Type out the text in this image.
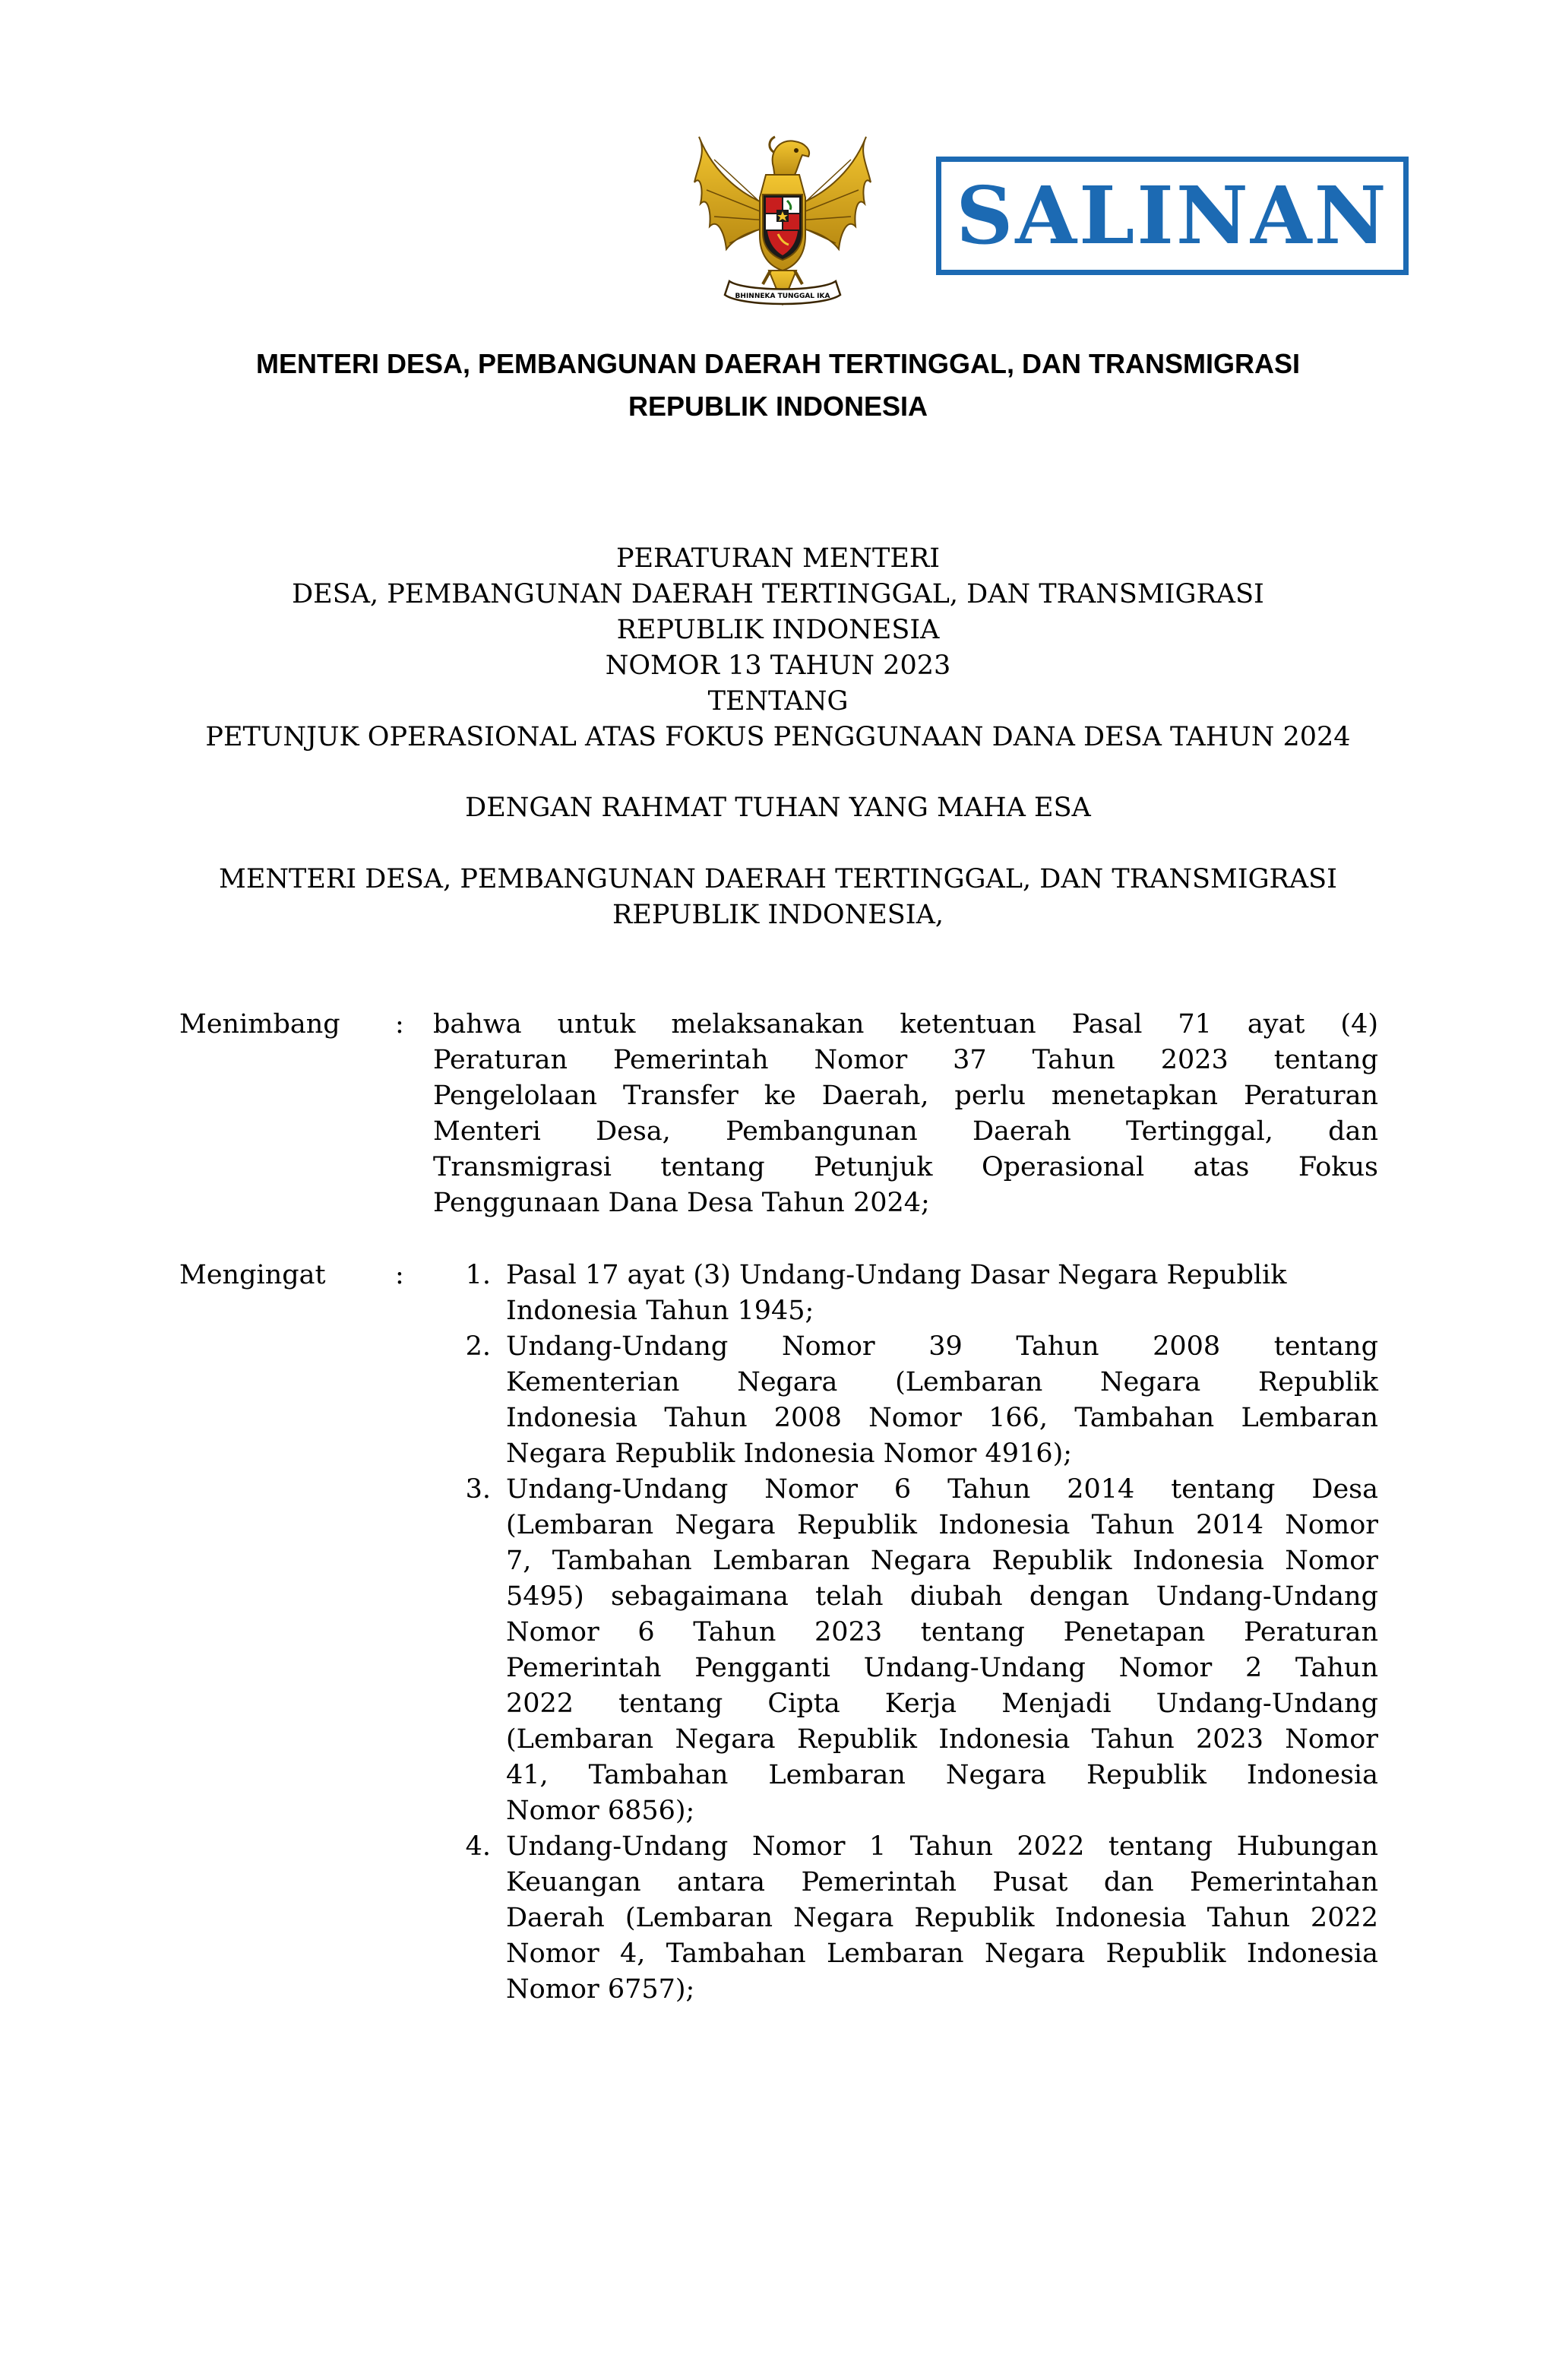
BHINNEKA TUNGGAL IKA
SALINAN
MENTERI DESA, PEMBANGUNAN DAERAH TERTINGGAL, DAN TRANSMIGRASI
REPUBLIK INDONESIA
PERATURAN MENTERI
DESA, PEMBANGUNAN DAERAH TERTINGGAL, DAN TRANSMIGRASI
REPUBLIK INDONESIA
NOMOR 13 TAHUN 2023
TENTANG
PETUNJUK OPERASIONAL ATAS FOKUS PENGGUNAAN DANA DESA TAHUN 2024
DENGAN RAHMAT TUHAN YANG MAHA ESA
MENTERI DESA, PEMBANGUNAN DAERAH TERTINGGAL, DAN TRANSMIGRASI
REPUBLIK INDONESIA,
Menimbang : bahwa untuk melaksanakan ketentuan Pasal 71 ayat (4)
Peraturan Pemerintah Nomor 37 Tahun 2023 tentang
Pengelolaan Transfer ke Daerah, perlu menetapkan Peraturan
Menteri Desa, Pembangunan Daerah Tertinggal, dan
Transmigrasi tentang Petunjuk Operasional atas Fokus
Penggunaan Dana Desa Tahun 2024;
Mengingat	:	1. Pasal 17 ayat (3) Undang-Undang Dasar Negara Republik
Indonesia Tahun 1945;
2. Undang-Undang Nomor 39 Tahun 2008 tentang
Kementerian Negara (Lembaran Negara Republik
Indonesia Tahun 2008 Nomor 166, Tambahan Lembaran
Negara Republik Indonesia Nomor 4916);
3. Undang-Undang Nomor 6 Tahun 2014 tentang Desa
(Lembaran Negara Republik Indonesia Tahun 2014 Nomor
7, Tambahan Lembaran Negara Republik Indonesia Nomor
5495) sebagaimana telah diubah dengan Undang-Undang
Nomor 6 Tahun 2023 tentang Penetapan Peraturan
Pemerintah Pengganti Undang-Undang Nomor 2 Tahun
2022 tentang Cipta Kerja Menjadi Undang-Undang
(Lembaran Negara Republik Indonesia Tahun 2023 Nomor
41, Tambahan Lembaran Negara Republik Indonesia
Nomor 6856);
4. Undang-Undang Nomor 1 Tahun 2022 tentang Hubungan
Keuangan antara Pemerintah Pusat dan Pemerintahan
Daerah (Lembaran Negara Republik Indonesia Tahun 2022
Nomor 4, Tambahan Lembaran Negara Republik Indonesia
Nomor 6757);
